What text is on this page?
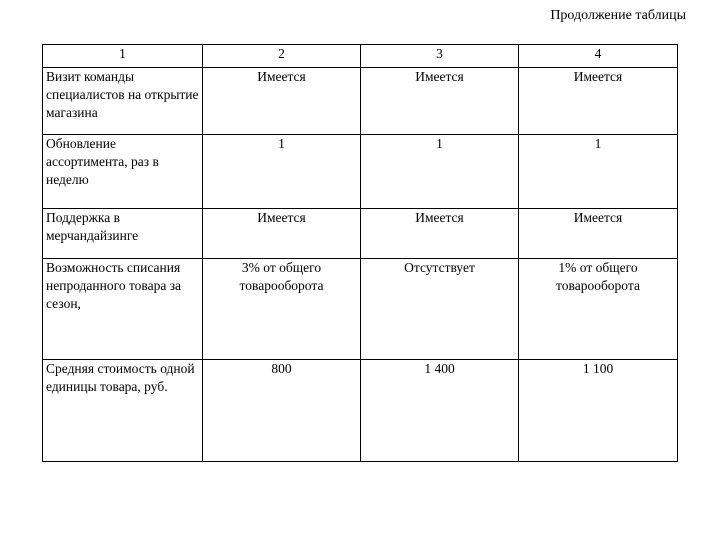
Продолжение таблицы
1	2	3	4
Визит команды специалистов на открытие магазина	Имеется	Имеется	Имеется
Обновление ассортимента, раз в неделю	1	1	1
Поддержка в мерчандайзинге	Имеется	Имеется	Имеется
Возможность списания непроданного товара за сезон,	3% от общего товарооборота	Отсутствует	1% от общего товарооборота
Средняя стоимость одной единицы товара, руб.	800	1 400	1 100
